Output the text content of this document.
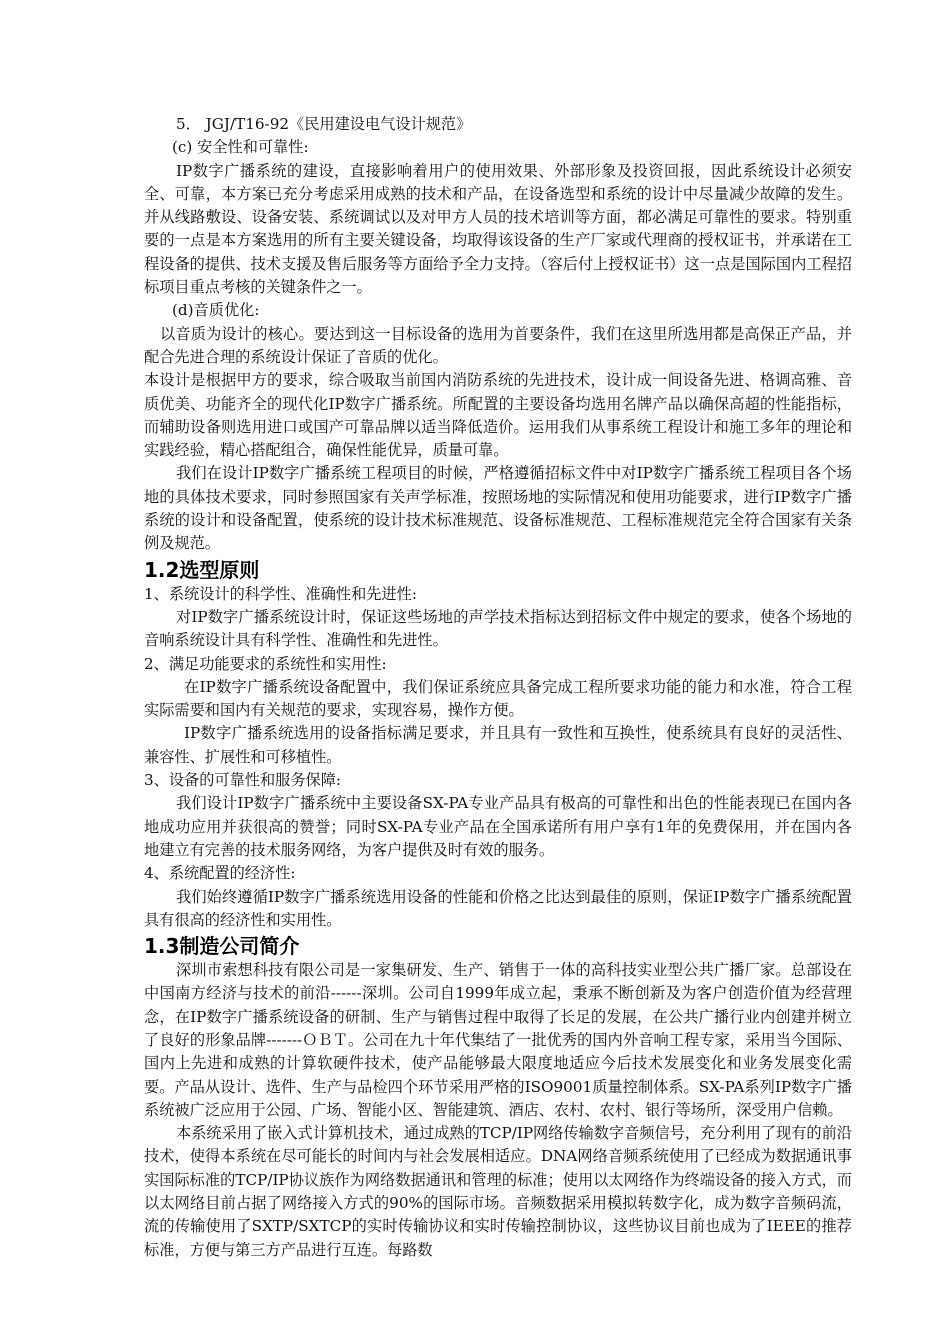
5． JGJ/T16-92《民用建设电气设计规范》

(c) 安全性和可靠性:

IP数字广播系统的建设，直接影响着用户的使用效果、外部形象及投资回报，因此系统设计必须安全、可靠，本方案已充分考虑采用成熟的技术和产品，在设备选型和系统的设计中尽量减少故障的发生。并从线路敷设、设备安装、系统调试以及对甲方人员的技术培训等方面，都必满足可靠性的要求。特别重要的一点是本方案选用的所有主要关键设备，均取得该设备的生产厂家或代理商的授权证书，并承诺在工程设备的提供、技术支援及售后服务等方面给予全力支持。（容后付上授权证书）这一点是国际国内工程招标项目重点考核的关键条件之一。

(d)音质优化:

以音质为设计的核心。要达到这一目标设备的选用为首要条件，我们在这里所选用都是高保正产品，并配合先进合理的系统设计保证了音质的优化。

本设计是根据甲方的要求，综合吸取当前国内消防系统的先进技术，设计成一间设备先进、格调高雅、音质优美、功能齐全的现代化IP数字广播系统。所配置的主要设备均选用名牌产品以确保高超的性能指标，而辅助设备则选用进口或国产可靠品牌以适当降低造价。运用我们从事系统工程设计和施工多年的理论和实践经验，精心搭配组合，确保性能优异，质量可靠。

我们在设计IP数字广播系统工程项目的时候，严格遵循招标文件中对IP数字广播系统工程项目各个场地的具体技术要求，同时参照国家有关声学标准，按照场地的实际情况和使用功能要求，进行IP数字广播系统的设计和设备配置，使系统的设计技术标准规范、设备标准规范、工程标准规范完全符合国家有关条例及规范。

1.2选型原则

1、系统设计的科学性、准确性和先进性:

对IP数字广播系统设计时，保证这些场地的声学技术指标达到招标文件中规定的要求，使各个场地的音响系统设计具有科学性、准确性和先进性。

2、满足功能要求的系统性和实用性:

在IP数字广播系统设备配置中，我们保证系统应具备完成工程所要求功能的能力和水准，符合工程实际需要和国内有关规范的要求，实现容易，操作方便。

IP数字广播系统选用的设备指标满足要求，并且具有一致性和互换性，使系统具有良好的灵活性、兼容性、扩展性和可移植性。

3、设备的可靠性和服务保障:

我们设计IP数字广播系统中主要设备SX-PA专业产品具有极高的可靠性和出色的性能表现已在国内各地成功应用并获很高的赞誉；同时SX-PA专业产品在全国承诺所有用户享有1年的免费保用，并在国内各地建立有完善的技术服务网络，为客户提供及时有效的服务。

4、系统配置的经济性:

我们始终遵循IP数字广播系统选用设备的性能和价格之比达到最佳的原则，保证IP数字广播系统配置具有很高的经济性和实用性。

1.3制造公司简介

深圳市索想科技有限公司是一家集研发、生产、销售于一体的高科技实业型公共广播厂家。总部设在中国南方经济与技术的前沿------深圳。公司自1999年成立起，秉承不断创新及为客户创造价值为经营理念，在IP数字广播系统设备的研制、生产与销售过程中取得了长足的发展，在公共广播行业内创建并树立了良好的形象品牌-------ＯＢＴ。公司在九十年代集结了一批优秀的国内外音响工程专家，采用当今国际、国内上先进和成熟的计算软硬件技术，使产品能够最大限度地适应今后技术发展变化和业务发展变化需要。产品从设计、选件、生产与品检四个环节采用严格的ISO9001质量控制体系。SX-PA系列IP数字广播系统被广泛应用于公园、广场、智能小区、智能建筑、酒店、农村、农村、银行等场所，深受用户信赖。

本系统采用了嵌入式计算机技术，通过成熟的TCP/IP网络传输数字音频信号，充分利用了现有的前沿技术，使得本系统在尽可能长的时间内与社会发展相适应。DNA网络音频系统使用了已经成为数据通讯事实国际标准的TCP/IP协议族作为网络数据通讯和管理的标准；使用以太网络作为终端设备的接入方式，而以太网络目前占据了网络接入方式的90%的国际市场。音频数据采用模拟转数字化，成为数字音频码流，流的传输使用了SXTP/SXTCP的实时传输协议和实时传输控制协议，这些协议目前也成为了IEEE的推荐标准，方便与第三方产品进行互连。每路数
